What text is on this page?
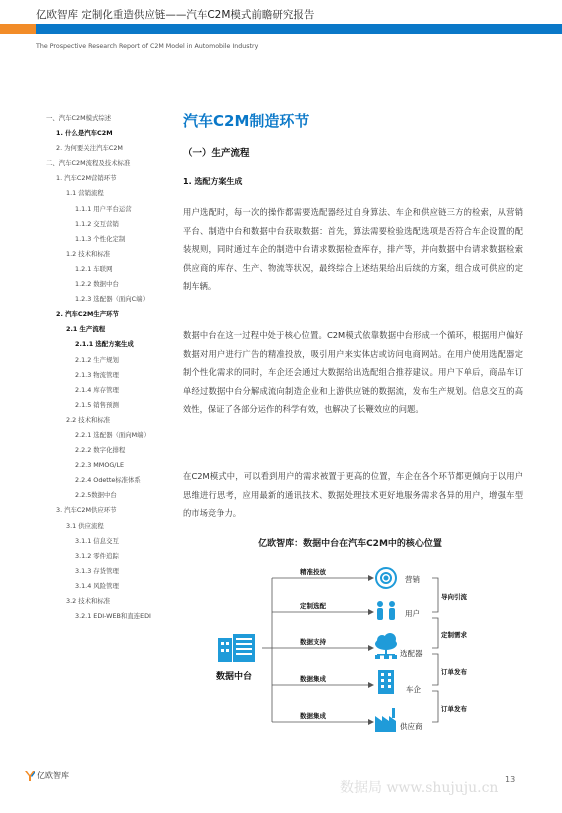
亿欧智库 定制化重造供应链——汽车C2M模式前瞻研究报告
The Prospective Research Report of C2M Model in Automobile Industry
一、汽车C2M模式综述
1. 什么是汽车C2M
2. 为何要关注汽车C2M
二、汽车C2M流程及技术标准
1. 汽车C2M营销环节
1.1 营销流程
1.1.1 用户平台运营
1.1.2 交互营销
1.1.3 个性化定制
1.2 技术和标准
1.2.1 车联网
1.2.2 数据中台
1.2.3 选配器（面向C端）
2. 汽车C2M生产环节
2.1 生产流程
2.1.1 选配方案生成
2.1.2 生产规划
2.1.3 物流管理
2.1.4 库存管理
2.1.5 销售预测
2.2 技术和标准
2.2.1 选配器（面向M端）
2.2.2 数字化排程
2.2.3 MMOG/LE
2.2.4 Odette标准体系
2.2.5数据中台
3. 汽车C2M供应环节
3.1 供应流程
3.1.1 信息交互
3.1.2 零件追踪
3.1.3 存货管理
3.1.4 风险管理
3.2 技术和标准
3.2.1 EDI-WEB和直连EDI
汽车C2M制造环节
（一）生产流程
1. 选配方案生成

用户选配时，每一次的操作都需要选配器经过自身算法、车企和供应链三方的检索，从营销平台、制造中台和数据中台获取数据：首先，算法需要检验选配选项是否符合车企设置的配装规则，同时通过车企的制造中台请求数据检查库存，排产等，并向数据中台请求数据检索供应商的库存、生产、物流等状况，最终综合上述结果给出后续的方案，组合成可供应的定制车辆。

数据中台在这一过程中处于核心位置。C2M模式依靠数据中台形成一个循环，根据用户偏好数据对用户进行广告的精准投放，吸引用户来实体店或访问电商网站。在用户使用选配器定制个性化需求的同时，车企还会通过大数据给出选配组合推荐建议。用户下单后，商品车订单经过数据中台分解成流向制造企业和上游供应链的数据流，发布生产规划。信息交互的高效性，保证了各部分运作的科学有效，也解决了长鞭效应的问题。

在C2M模式中，可以看到用户的需求被置于更高的位置，车企在各个环节都更倾向于以用户思维进行思考，应用最新的通讯技术、数据处理技术更好地服务需求各异的用户，增强车型的市场竞争力。

亿欧智库：数据中台在汽车C2M中的核心位置
数据中台
精准投放
定制选配
数据支持
数据集成
数据集成
营销
用户
选配器
车企
供应商
导向引流
定制需求
订单发布
订单发布
亿欧智库
数据局 www.shujuju.cn
13
